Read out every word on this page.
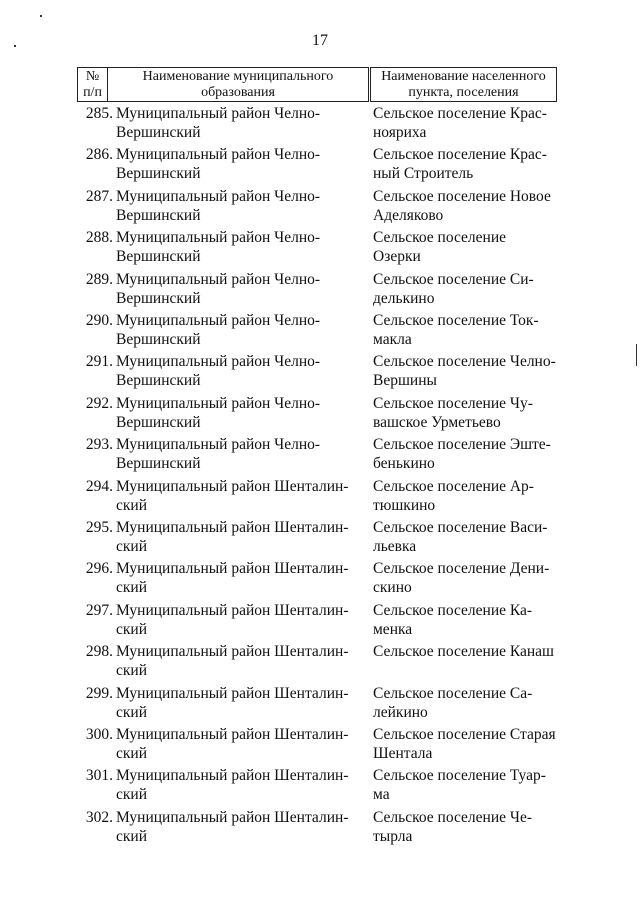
17
№
п/п
Наименование муниципального
образования
Наименование населенного
пункта, поселения
285. Муниципальный район Челно-
Вершинский
Сельское поселение Крас-
нояриха
286. Муниципальный район Челно-
Вершинский
Сельское поселение Крас-
ный Строитель
287. Муниципальный район Челно-
Вершинский
Сельское поселение Новое
Аделяково
288. Муниципальный район Челно-
Вершинский
Сельское поселение
Озерки
289. Муниципальный район Челно-
Вершинский
Сельское поселение Си-
делькино
290. Муниципальный район Челно-
Вершинский
Сельское поселение Ток-
макла
291. Муниципальный район Челно-
Вершинский
Сельское поселение Челно-
Вершины
292. Муниципальный район Челно-
Вершинский
Сельское поселение Чу-
вашское Урметьево
293. Муниципальный район Челно-
Вершинский
Сельское поселение Эште-
бенькино
294. Муниципальный район Шенталин-
ский
Сельское поселение Ар-
тюшкино
295. Муниципальный район Шенталин-
ский
Сельское поселение Васи-
льевка
296. Муниципальный район Шенталин-
ский
Сельское поселение Дени-
скино
297. Муниципальный район Шенталин-
ский
Сельское поселение Ка-
менка
298. Муниципальный район Шенталин-
ский
Сельское поселение Канаш
299. Муниципальный район Шенталин-
ский
Сельское поселение Са-
лейкино
300. Муниципальный район Шенталин-
ский
Сельское поселение Старая
Шентала
301. Муниципальный район Шенталин-
ский
Сельское поселение Туар-
ма
302. Муниципальный район Шенталин-
ский
Сельское поселение Че-
тырла
